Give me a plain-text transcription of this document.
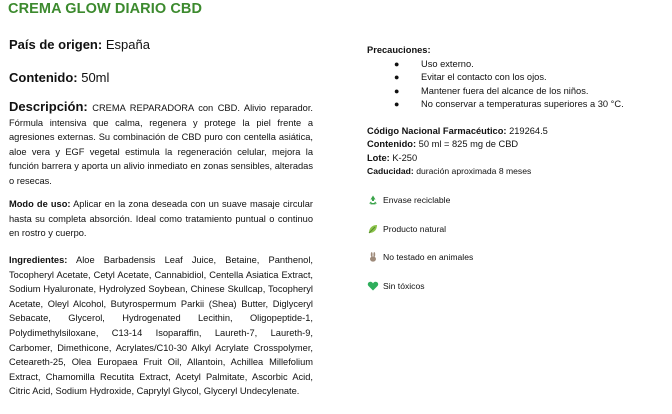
CREMA GLOW DIARIO CBD

País de origen: España

Contenido: 50ml

Descripción: CREMA REPARADORA con CBD. Alivio reparador. Fórmula intensiva que calma, regenera y protege la piel frente a agresiones externas. Su combinación de CBD puro con centella asiática, aloe vera y EGF vegetal estimula la regeneración celular, mejora la función barrera y aporta un alivio inmediato en zonas sensibles, alteradas o resecas.
Modo de uso: Aplicar en la zona deseada con un suave masaje circular hasta su completa absorción. Ideal como tratamiento puntual o continuo en rostro y cuerpo.
Ingredientes: Aloe Barbadensis Leaf Juice, Betaine, Panthenol, Tocopheryl Acetate, Cetyl Acetate, Cannabidiol, Centella Asiatica Extract, Sodium Hyaluronate, Hydrolyzed Soybean, Chinese Skullcap, Tocopheryl Acetate, Oleyl Alcohol, Butyrospermum Parkii (Shea) Butter, Diglyceryl Sebacate, Glycerol, Hydrogenated Lecithin, Oligopeptide-1, Polydimethylsiloxane, C13-14 Isoparaffin, Laureth-7, Laureth-9, Carbomer, Dimethicone, Acrylates/C10-30 Alkyl Acrylate Crosspolymer, Ceteareth-25, Olea Europaea Fruit Oil, Allantoin, Achillea Millefolium Extract, Chamomilla Recutita Extract, Acetyl Palmitate, Ascorbic Acid, Citric Acid, Sodium Hydroxide, Caprylyl Glycol, Glyceryl Undecylenate.
Precauciones:
● Uso externo.
● Evitar el contacto con los ojos.
● Mantener fuera del alcance de los niños.
● No conservar a temperaturas superiores a 30 °C.
Código Nacional Farmacéutico: 219264.5
Contenido: 50 ml = 825 mg de CBD
Lote: K-250
Caducidad: duración aproximada 8 meses
Envase reciclable
Producto natural
No testado en animales
Sin tóxicos
